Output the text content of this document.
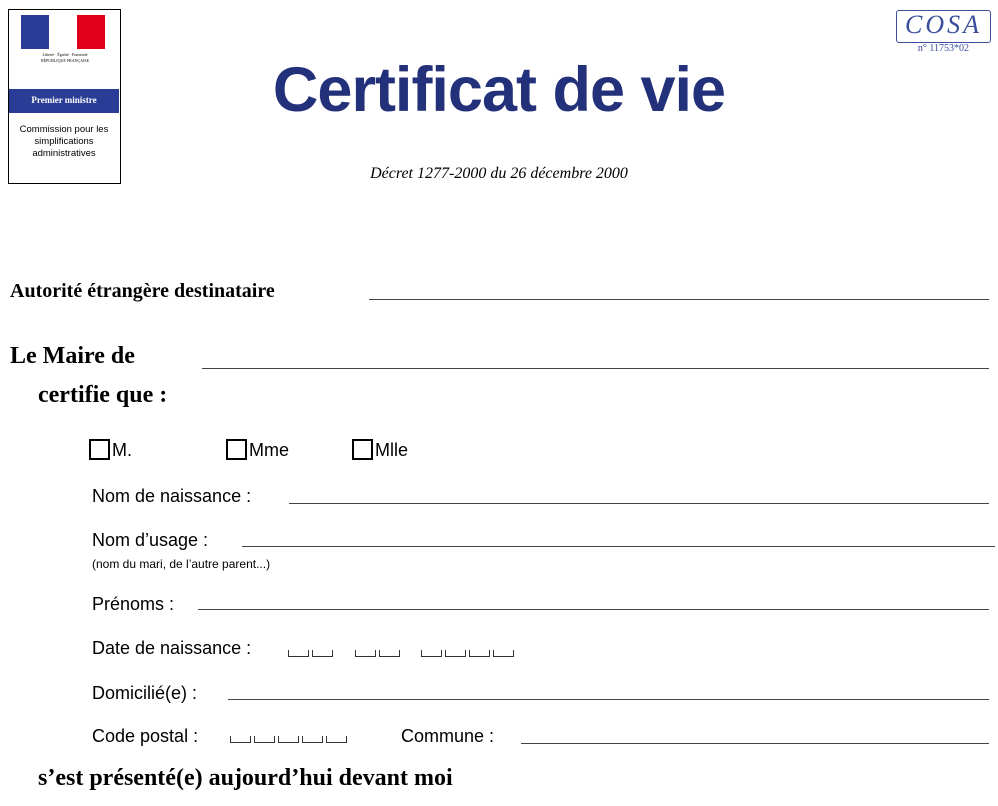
Liberté · Égalité · Fraternité
RÉPUBLIQUE FRANÇAISE
Premier ministre
Commission pour les simplifications administratives
COSA
n° 11753*02
Certificat de vie
Décret 1277-2000 du 26 décembre 2000
Autorité étrangère destinataire
Le Maire de
certifie que :
M.	Mme	Mlle
Nom de naissance :
Nom d’usage :
(nom du mari, de l’autre parent...)
Prénoms :
Date de naissance :
Domicilié(e) :
Code postal :	Commune :
s’est présenté(e) aujourd’hui devant moi
